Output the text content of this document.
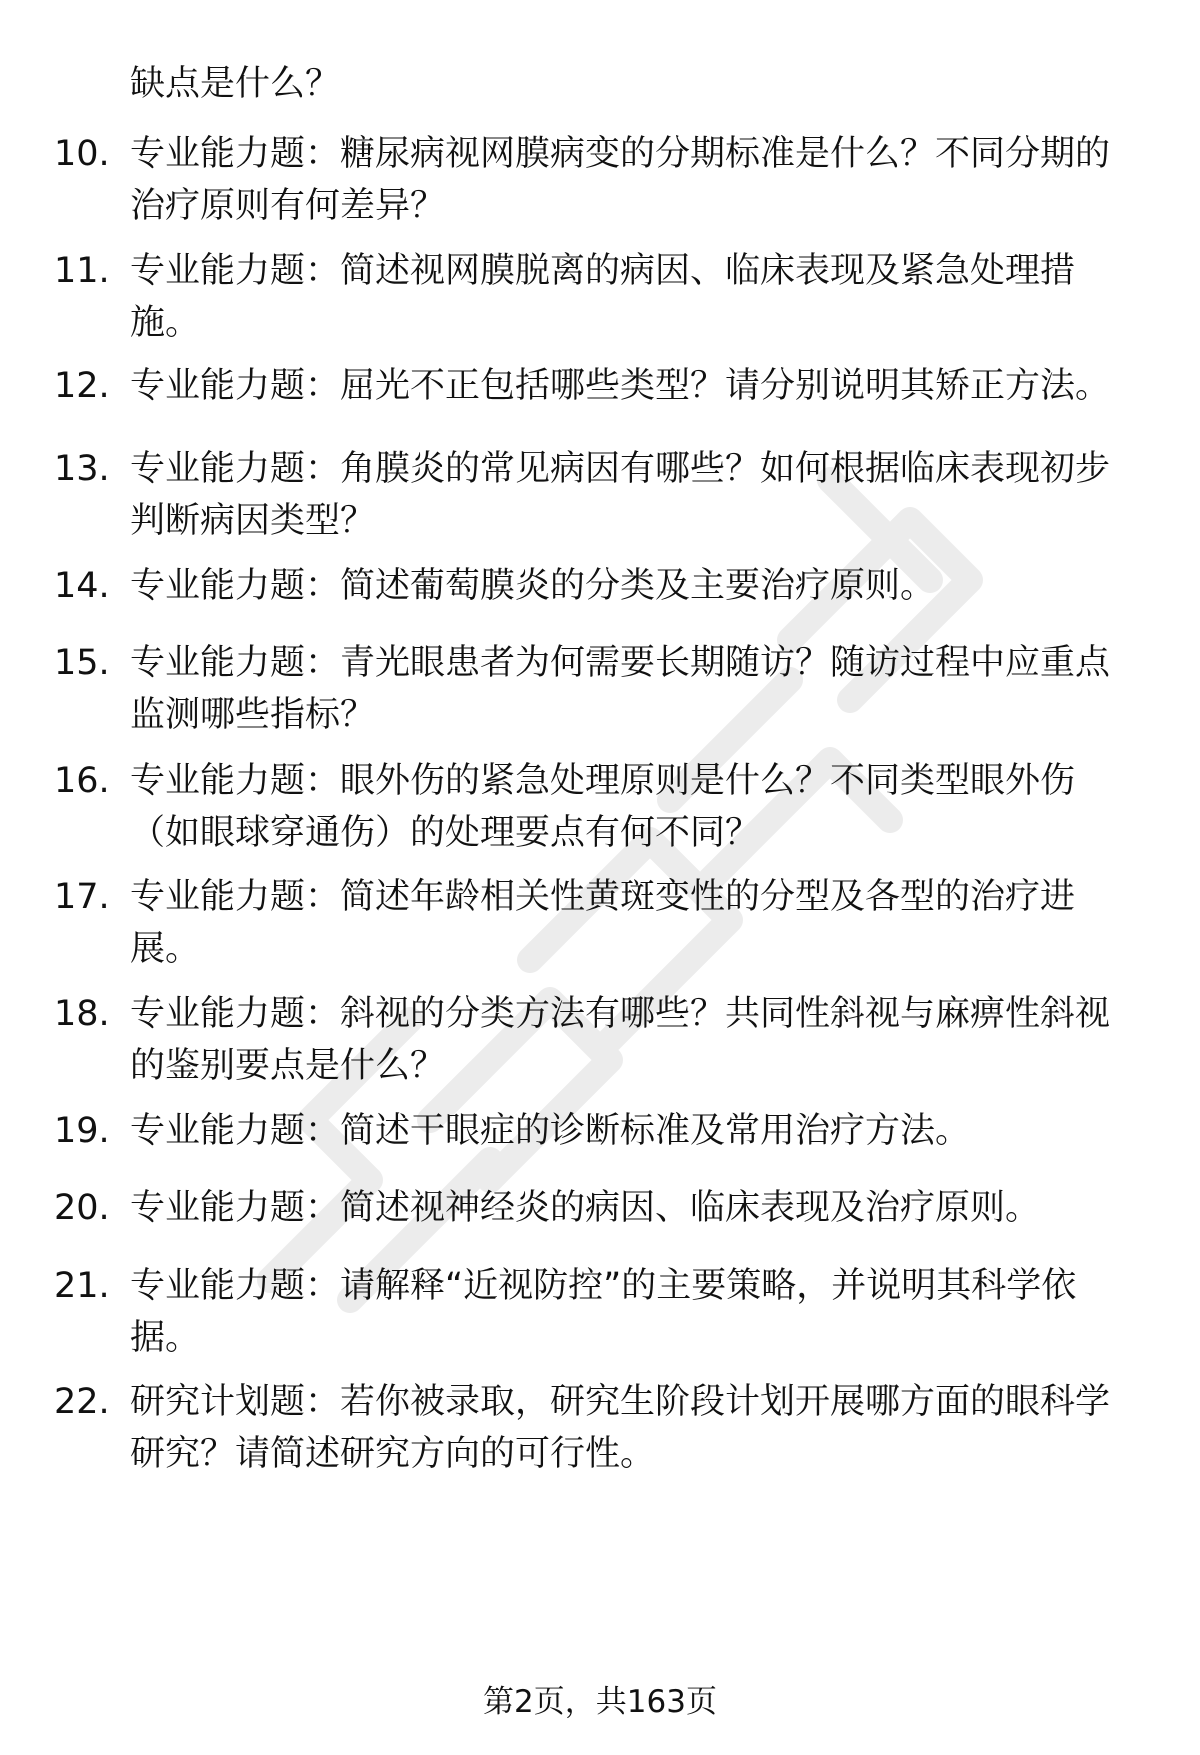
缺点是什么？
10. 专业能力题：糖尿病视网膜病变的分期标准是什么？不同分期的
治疗原则有何差异？
11. 专业能力题：简述视网膜脱离的病因、临床表现及紧急处理措
施。
12. 专业能力题：屈光不正包括哪些类型？请分别说明其矫正方法。
13. 专业能力题：角膜炎的常见病因有哪些？如何根据临床表现初步
判断病因类型？
14. 专业能力题：简述葡萄膜炎的分类及主要治疗原则。
15. 专业能力题：青光眼患者为何需要长期随访？随访过程中应重点
监测哪些指标？
16. 专业能力题：眼外伤的紧急处理原则是什么？不同类型眼外伤
（如眼球穿通伤）的处理要点有何不同？
17. 专业能力题：简述年龄相关性黄斑变性的分型及各型的治疗进
展。
18. 专业能力题：斜视的分类方法有哪些？共同性斜视与麻痹性斜视
的鉴别要点是什么？
19. 专业能力题：简述干眼症的诊断标准及常用治疗方法。
20. 专业能力题：简述视神经炎的病因、临床表现及治疗原则。
21. 专业能力题：请解释“近视防控”的主要策略，并说明其科学依
据。
22. 研究计划题：若你被录取，研究生阶段计划开展哪方面的眼科学
研究？请简述研究方向的可行性。
第2页，共163页
